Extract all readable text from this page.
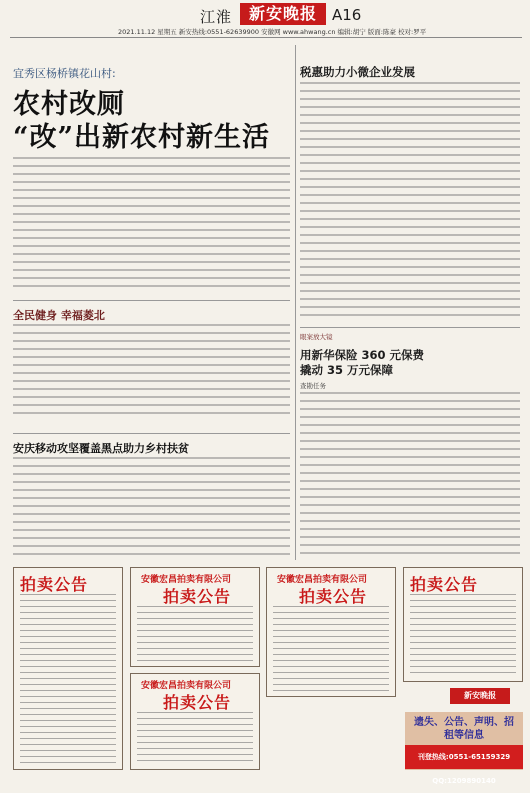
江淮	新安晚报	A16
2021.11.12 星期五 新安热线:0551-62639900 安徽网 www.ahwang.cn 编辑:胡宁 版面:陈豪 校对:罗平
宜秀区杨桥镇花山村:
农村改厕
“改”出新农村新生活
全民健身 幸福菱北
安庆移动攻坚覆盖黑点助力乡村扶贫
税惠助力小微企业发展
眼案放大镜
用新华保险 360 元保费
撬动 35 万元保障
查勘任务
拍卖公告	安徽宏昌拍卖有限公司
拍卖公告
安徽宏昌拍卖有限公司
拍卖公告
安徽宏昌拍卖有限公司
拍卖公告
拍卖公告
新安晚报
遗失、公告、声明、招租等信息
刊登热线:0551-65159329 QQ:1209890140
